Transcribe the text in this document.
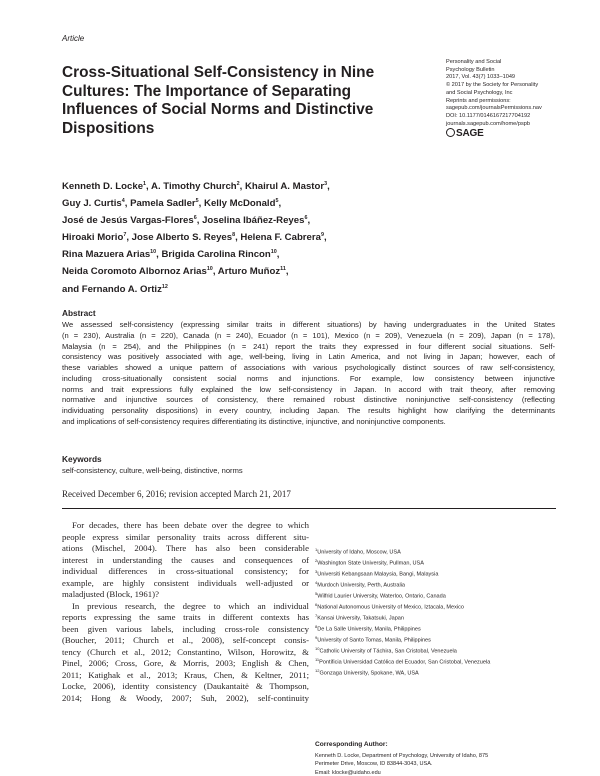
Article
Cross-Situational Self-Consistency in Nine
Cultures: The Importance of Separating
Influences of Social Norms and Distinctive
Dispositions
Personality and Social
Psychology Bulletin
2017, Vol. 43(7) 1033–1049
© 2017 by the Society for Personality
and Social Psychology, Inc
Reprints and permissions:
sagepub.com/journalsPermissions.nav
DOI: 10.1177/0146167217704192
journals.sagepub.com/home/pspb
SAGE
Kenneth D. Locke$^1$, A. Timothy Church$^2$, Khairul A. Mastor$^3$,
Guy J. Curtis$^4$, Pamela Sadler$^5$, Kelly McDonald$^5$,
José de Jesús Vargas-Flores$^6$, Joselina Ibáñez-Reyes$^6$,
Hiroaki Morio$^7$, Jose Alberto S. Reyes$^8$, Helena F. Cabrera$^9$,
Rina Mazuera Arias$^{10}$, Brigida Carolina Rincon$^{10}$,
Neida Coromoto Albornoz Arias$^{10}$, Arturo Muñoz$^{11}$,
and Fernando A. Ortiz$^{12}$
Abstract
We assessed self-consistency (expressing similar traits in different situations) by having undergraduates in the United States
(n = 230), Australia (n = 220), Canada (n = 240), Ecuador (n = 101), Mexico (n = 209), Venezuela (n = 209), Japan (n = 178),
Malaysia (n = 254), and the Philippines (n = 241) report the traits they expressed in four different social situations. Self-
consistency was positively associated with age, well-being, living in Latin America, and not living in Japan; however, each of
these variables showed a unique pattern of associations with various psychologically distinct sources of raw self-consistency,
including cross-situationally consistent social norms and injunctions. For example, low consistency between injunctive
norms and trait expressions fully explained the low self-consistency in Japan. In accord with trait theory, after removing
normative and injunctive sources of consistency, there remained robust distinctive noninjunctive self-consistency (reflecting
individuating personality dispositions) in every country, including Japan. The results highlight how clarifying the determinants
and implications of self-consistency requires differentiating its distinctive, injunctive, and noninjunctive components.
Keywords
self-consistency, culture, well-being, distinctive, norms
Received December 6, 2016; revision accepted March 21, 2017
For decades, there has been debate over the degree to which
people express similar personality traits across different situ-
ations (Mischel, 2004). There has also been considerable
interest in understanding the causes and consequences of
individual differences in cross-situational consistency; for
example, are highly consistent individuals well-adjusted or
maladjusted (Block, 1961)?
In previous research, the degree to which an individual
reports expressing the same traits in different contexts has
been given various labels, including cross-role consistency
(Boucher, 2011; Church et al., 2008), self-concept consis-
tency (Church et al., 2012; Constantino, Wilson, Horowitz, &
Pinel, 2006; Cross, Gore, & Morris, 2003; English & Chen,
2011; Katighak et al., 2013; Kraus, Chen, & Keltner, 2011;
Locke, 2006), identity consistency (Daukantaitė & Thompson,
2014; Hong & Woody, 2007; Suh, 2002), self-continuity
$^1$University of Idaho, Moscow, USA
$^2$Washington State University, Pullman, USA
$^3$Universiti Kebangsaan Malaysia, Bangi, Malaysia
$^4$Murdoch University, Perth, Australia
$^5$Wilfrid Laurier University, Waterloo, Ontario, Canada
$^6$National Autonomous University of Mexico, Iztacala, Mexico
$^7$Kansai University, Takatsuki, Japan
$^8$De La Salle University, Manila, Philippines
$^9$University of Santo Tomas, Manila, Philippines
$^{10}$Catholic University of Táchira, San Cristobal, Venezuela
$^{11}$Pontificia Universidad Católica del Ecuador, San Cristobal, Venezuela
$^{12}$Gonzaga University, Spokane, WA, USA
Corresponding Author:
Kenneth D. Locke, Department of Psychology, University of Idaho, 875
Perimeter Drive, Moscow, ID 83844-3043, USA.
Email: klocke@uidaho.edu
